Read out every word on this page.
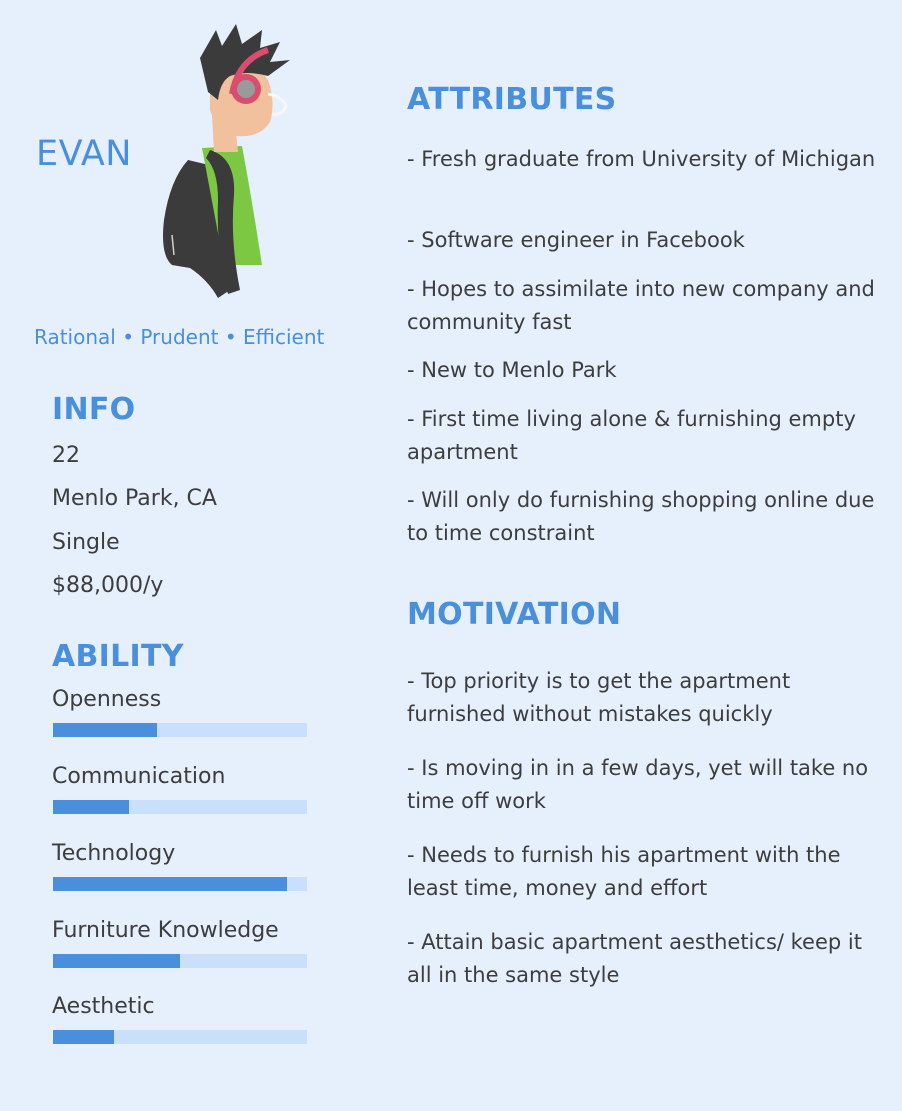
EVAN
Rational • Prudent • Efficient
INFO
22
Menlo Park, CA
Single
$88,000/y
ABILITY
Openness
Communication
Technology
Furniture Knowledge
Aesthetic
ATTRIBUTES
- Fresh graduate from University of Michigan
- Software engineer in Facebook
- Hopes to assimilate into new company and community fast
- New to Menlo Park
- First time living alone & furnishing empty apartment
- Will only do furnishing shopping online due to time constraint
MOTIVATION
- Top priority is to get the apartment furnished without mistakes quickly
- Is moving in in a few days, yet will take no time off work
- Needs to furnish his apartment with the least time, money and effort
- Attain basic apartment aesthetics/ keep it all in the same style
